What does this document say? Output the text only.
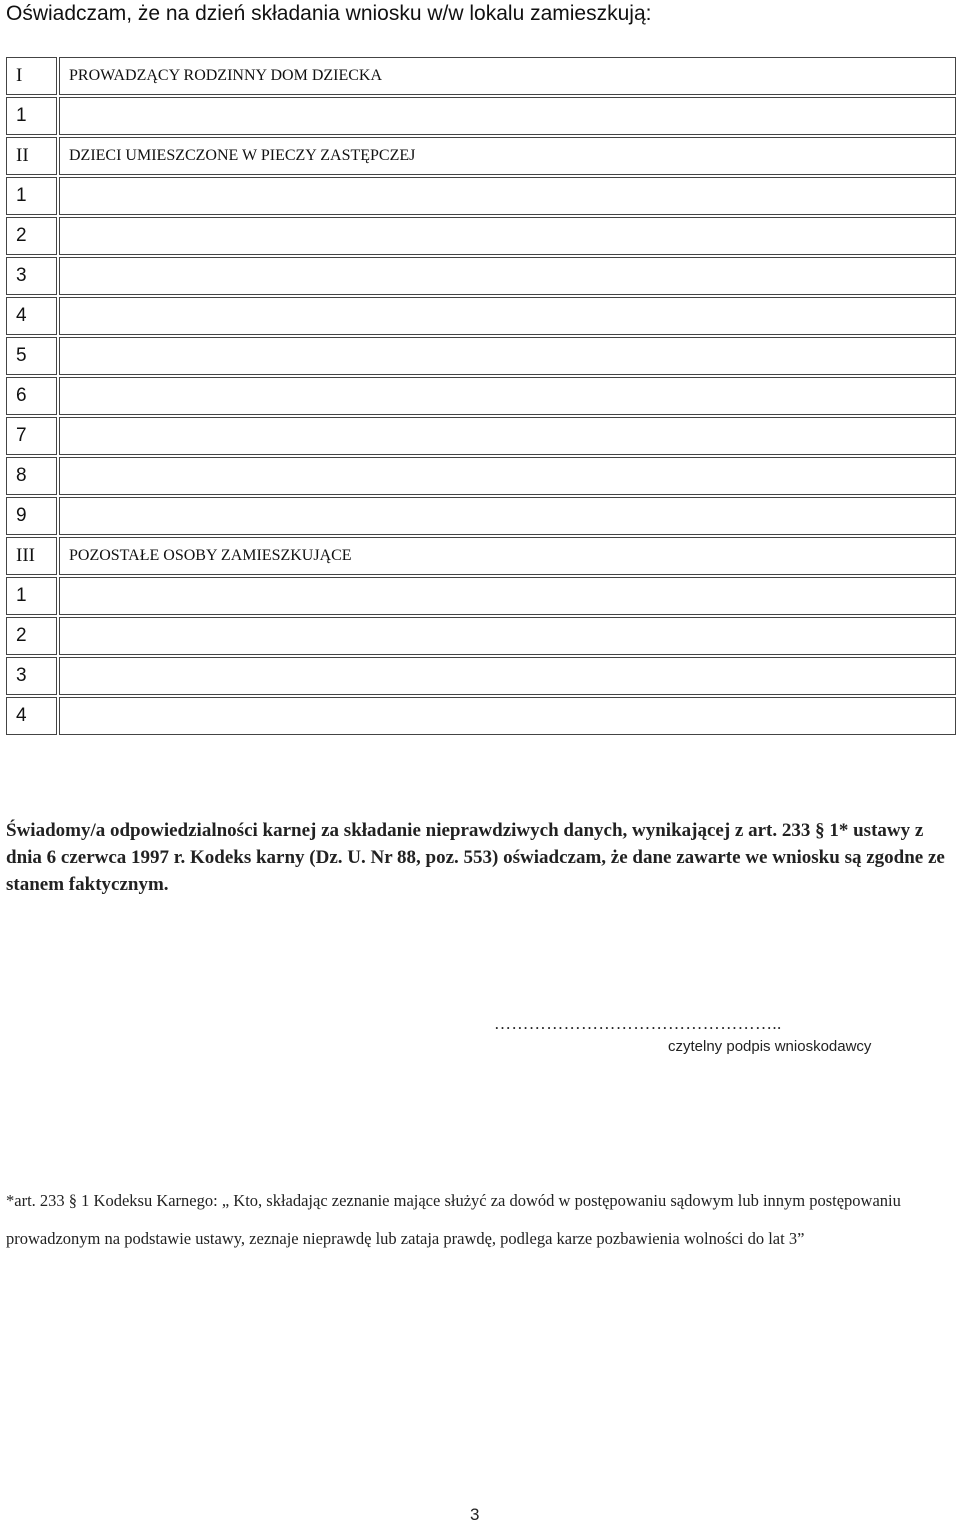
Oświadczam, że na dzień składania wniosku w/w lokalu zamieszkują:
I	PROWADZĄCY RODZINNY DOM DZIECKA
1	
II	DZIECI UMIESZCZONE W PIECZY ZASTĘPCZEJ
1	
2	
3	
4	
5	
6	
7	
8	
9	
III	POZOSTAŁE OSOBY ZAMIESZKUJĄCE
1	
2	
3	
4	
Świadomy/a odpowiedzialności karnej za składanie nieprawdziwych danych, wynikającej z art. 233 § 1* ustawy z dnia 6 czerwca 1997 r. Kodeks karny (Dz. U. Nr 88, poz. 553) oświadczam, że dane zawarte we wniosku są zgodne ze stanem faktycznym.
…………………………………………..
czytelny podpis wnioskodawcy
*art. 233 § 1 Kodeksu Karnego: „ Kto, składając zeznanie mające służyć za dowód w postępowaniu sądowym lub innym postępowaniu prowadzonym na podstawie ustawy, zeznaje nieprawdę lub zataja prawdę, podlega karze pozbawienia wolności do lat 3”
3
